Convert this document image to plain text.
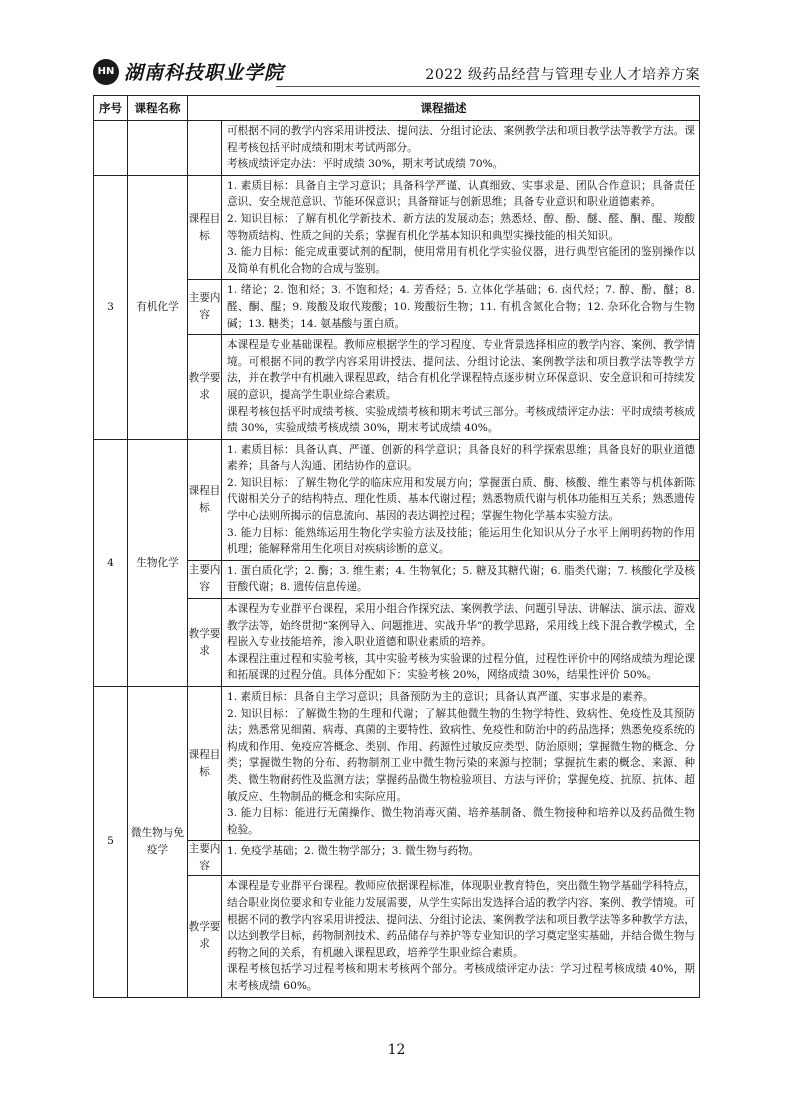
HN 湖南科技职业学院	2022 级药品经营与管理专业人才培养方案
序号	课程名称	课程描述	

			可根据不同的教学内容采用讲授法、提问法、分组讨论法、案例教学法和项目教学法等教学方法。课程考核包括平时成绩和期末考试两部分。

考核成绩评定办法：平时成绩 30%，期末考试成绩 70%。

3	有机化学	课程目标	1. 素质目标：具备自主学习意识；具备科学严谨、认真细致、实事求是、团队合作意识；具备责任意识、安全规范意识、节能环保意识；具备辩证与创新思维；具备专业意识和职业道德素养。

2. 知识目标：了解有机化学新技术、新方法的发展动态；熟悉烃、醇、酚、醚、醛、酮、醌、羧酸等物质结构、性质之间的关系；掌握有机化学基本知识和典型实操技能的相关知识。

3. 能力目标：能完成重要试剂的配制，使用常用有机化学实验仪器，进行典型官能团的鉴别操作以及简单有机化合物的合成与鉴别。

		主要内容	1. 绪论；2. 饱和烃；3. 不饱和烃；4. 芳香烃；5. 立体化学基础；6. 卤代烃；7. 醇、酚、醚；8. 醛、酮、醌；9. 羧酸及取代羧酸；10. 羧酸衍生物；11. 有机含氮化合物；12. 杂环化合物与生物碱；13. 糖类；14. 氨基酸与蛋白质。

		教学要求	本课程是专业基础课程。教师应根据学生的学习程度、专业背景选择相应的教学内容、案例、教学情境。可根据不同的教学内容采用讲授法、提问法、分组讨论法、案例教学法和项目教学法等教学方法，并在教学中有机融入课程思政，结合有机化学课程特点逐步树立环保意识、安全意识和可持续发展的意识，提高学生职业综合素质。

课程考核包括平时成绩考核、实验成绩考核和期末考试三部分。考核成绩评定办法：平时成绩考核成绩 30%，实验成绩考核成绩 30%，期末考试成绩 40%。

4	生物化学	课程目标	1. 素质目标：具备认真、严谨、创新的科学意识；具备良好的科学探索思维；具备良好的职业道德素养；具备与人沟通、团结协作的意识。

2. 知识目标：了解生物化学的临床应用和发展方向；掌握蛋白质、酶、核酸、维生素等与机体新陈代谢相关分子的结构特点、理化性质、基本代谢过程；熟悉物质代谢与机体功能相互关系；熟悉遗传学中心法则所揭示的信息流向、基因的表达调控过程；掌握生物化学基本实验方法。

3. 能力目标：能熟练运用生物化学实验方法及技能；能运用生化知识从分子水平上阐明药物的作用机理；能解释常用生化项目对疾病诊断的意义。

		主要内容	1. 蛋白质化学；2. 酶；3. 维生素；4. 生物氧化；5. 糖及其糖代谢；6. 脂类代谢；7. 核酸化学及核苷酸代谢；8. 遗传信息传递。

		教学要求	本课程为专业群平台课程，采用小组合作探究法、案例教学法、问题引导法、讲解法、演示法、游戏教学法等，始终贯彻“案例导入、问题推进、实战升华”的教学思路，采用线上线下混合教学模式，全程嵌入专业技能培养，渗入职业道德和职业素质的培养。

本课程注重过程和实验考核，其中实验考核为实验课的过程分值，过程性评价中的网络成绩为理论课和拓展课的过程分值。具体分配如下：实验考核 20%，网络成绩 30%，结果性评价 50%。

5	微生物与免疫学	课程目标	1. 素质目标：具备自主学习意识；具备预防为主的意识；具备认真严谨、实事求是的素养。

2. 知识目标：了解微生物的生理和代谢；了解其他微生物的生物学特性、致病性、免疫性及其预防法；熟悉常见细菌、病毒、真菌的主要特性、致病性、免疫性和防治中的药品选择；熟悉免疫系统的构成和作用、免疫应答概念、类别、作用、药源性过敏反应类型、防治原则；掌握微生物的概念、分类；掌握微生物的分布、药物制剂工业中微生物污染的来源与控制；掌握抗生素的概念、来源、种类、微生物耐药性及监测方法；掌握药品微生物检验项目、方法与评价；掌握免疫、抗原、抗体、超敏反应、生物制品的概念和实际应用。

3. 能力目标：能进行无菌操作、微生物消毒灭菌、培养基制备、微生物接种和培养以及药品微生物检验。

		主要内容	1. 免疫学基础；2. 微生物学部分；3. 微生物与药物。

		教学要求	本课程是专业群平台课程。教师应依据课程标准，体现职业教育特色，突出微生物学基础学科特点，结合职业岗位要求和专业能力发展需要，从学生实际出发选择合适的教学内容、案例、教学情境。可根据不同的教学内容采用讲授法、提问法、分组讨论法、案例教学法和项目教学法等多种教学方法，以达到教学目标，药物制剂技术、药品储存与养护等专业知识的学习奠定坚实基础，并结合微生物与药物之间的关系，有机融入课程思政，培养学生职业综合素质。

课程考核包括学习过程考核和期末考核两个部分。考核成绩评定办法：学习过程考核成绩 40%，期末考核成绩 60%。

12
